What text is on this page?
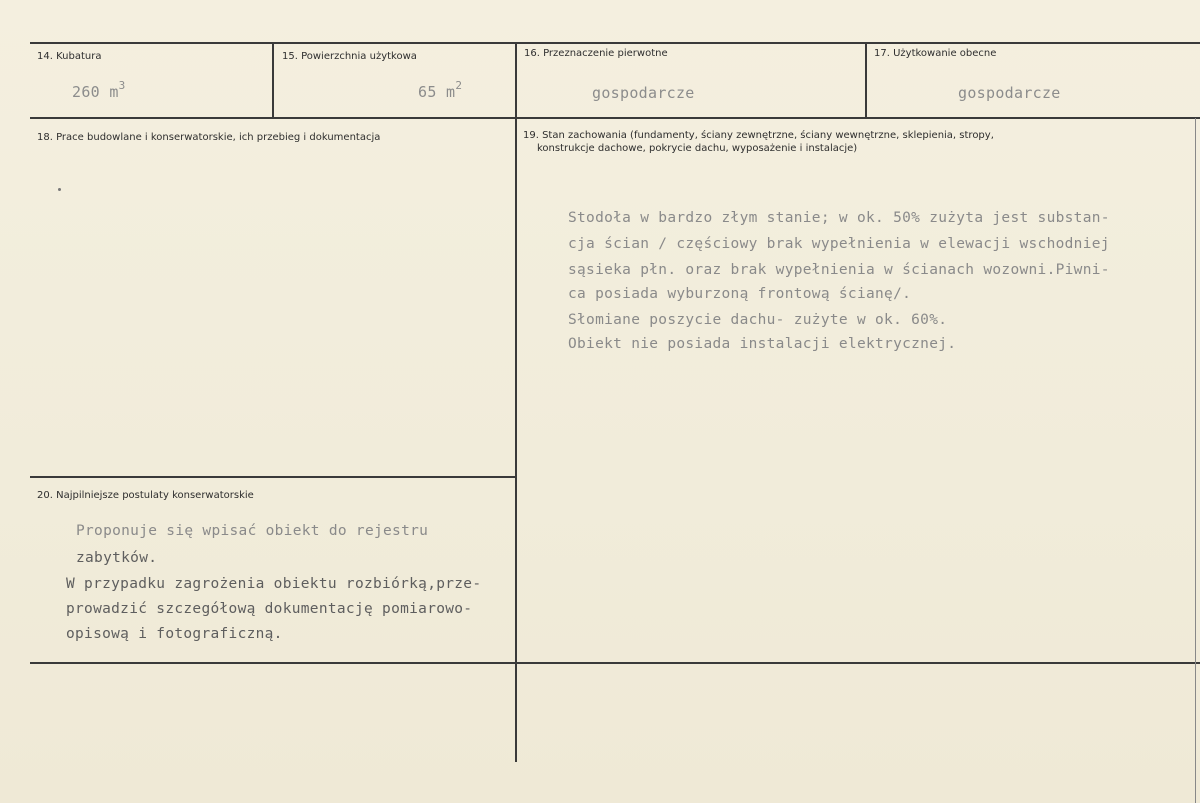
14. Kubatura
260 $m^3$
15. Powierzchnia użytkowa
65 $m^2$
16. Przeznaczenie pierwotne
gospodarcze
17. Użytkowanie obecne
gospodarcze
18. Prace budowlane i konserwatorskie, ich przebieg i dokumentacja	19. Stan zachowania (fundamenty, ściany zewnętrzne, ściany wewnętrzne, sklepienia, stropy,
konstrukcje dachowe, pokrycie dachu, wyposażenie i instalacje)
Stodoła w bardzo złym stanie; w ok. 50% zużyta jest substan-
cja ścian / częściowy brak wypełnienia w elewacji wschodniej
sąsieka płn. oraz brak wypełnienia w ścianach wozowni.Piwni-
ca posiada wyburzoną frontową ścianę/.
Słomiane poszycie dachu- zużyte w ok. 60%.
Obiekt nie posiada instalacji elektrycznej.
20. Najpilniejsze postulaty konserwatorskie
Proponuje się wpisać obiekt do rejestru
zabytków.
W przypadku zagrożenia obiektu rozbiórką,prze-
prowadzić szczegółową dokumentację pomiarowo-
opisową i fotograficzną.
